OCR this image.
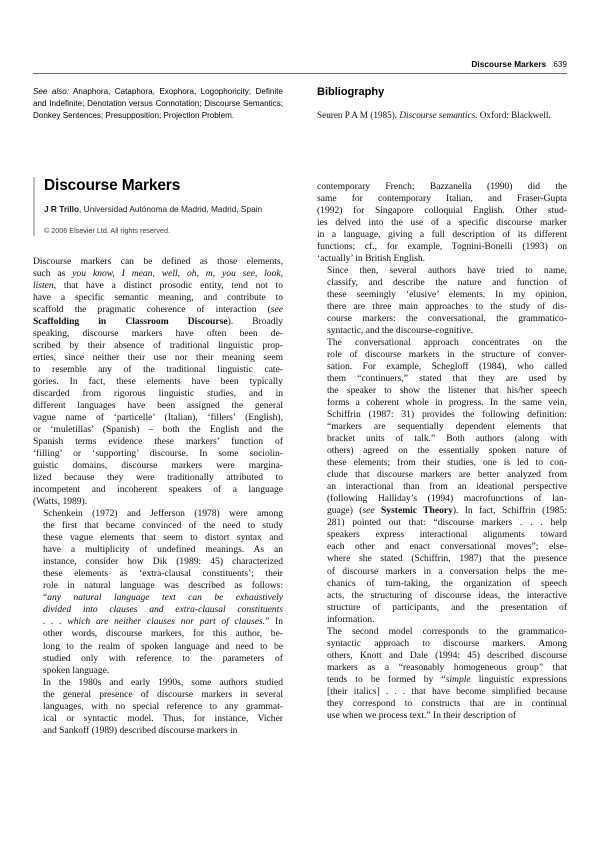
Discourse Markers 639

See also: Anaphora, Cataphora, Exophora, Logophoricity; Definite and Indefinite; Denotation versus Connotation; Discourse Semantics; Donkey Sentences; Presupposition; Projection Problem.

Bibliography

Seuren P A M (1985). Discourse semantics. Oxford: Blackwell.

Discourse Markers

J R Trillo, Universidad Autónoma de Madrid, Madrid, Spain

© 2006 Elsevier Ltd. All rights reserved.

Discourse markers can be defined as those elements,
such as you know, I mean, well, oh, m, you see, look,
listen, that have a distinct prosodic entity, tend not to
have a specific semantic meaning, and contribute to
scaffold the pragmatic coherence of interaction (see
Scaffolding in Classroom Discourse). Broadly
speaking, discourse markers have often been de-
scribed by their absence of traditional linguistic prop-
erties, since neither their use nor their meaning seem
to resemble any of the traditional linguistic cate-
gories. In fact, these elements have been typically
discarded from rigorous linguistic studies, and in
different languages have been assigned the general
vague name of ‘particelle’ (Italian), ‘fillers’ (English),
or ‘muletillas’ (Spanish) – both the English and the
Spanish terms evidence these markers’ function of
‘filling’ or ‘supporting’ discourse. In some sociolin-
guistic domains, discourse markers were margina-
lized because they were traditionally attributed to
incompetent and incoherent speakers of a language
(Watts, 1989).

Schenkein (1972) and Jefferson (1978) were among
the first that became convinced of the need to study
these vague elements that seem to distort syntax and
have a multiplicity of undefined meanings. As an
instance, consider how Dik (1989: 45) characterized
these elements as ‘extra-clausal constituents’; their
role in natural language was described as follows:
“any natural language text can be exhaustively
divided into clauses and extra-clausal constituents
. . . which are neither clauses nor part of clauses.” In
other words, discourse markers, for this author, be-
long to the realm of spoken language and need to be
studied only with reference to the parameters of
spoken language.

In the 1980s and early 1990s, some authors studied
the general presence of discourse markers in several
languages, with no special reference to any grammat-
ical or syntactic model. Thus, for instance, Vicher
and Sankoff (1989) described discourse markers in

contemporary French; Bazzanella (1990) did the
same for contemporary Italian, and Fraser-Gupta
(1992) for Singapore colloquial English. Other stud-
ies delved into the use of a specific discourse marker
in a language, giving a full description of its different
functions; cf., for example, Tognini-Bonelli (1993) on
‘actually’ in British English.

Since then, several authors have tried to name,
classify, and describe the nature and function of
these seemingly ‘elusive’ elements. In my opinion,
there are three main approaches to the study of dis-
course markers: the conversational, the grammatico-
syntactic, and the discourse-cognitive.

The conversational approach concentrates on the
role of discourse markers in the structure of conver-
sation. For example, Schegloff (1984), who called
them “continuers,” stated that they are used by
the speaker to show the listener that his/her speech
forms a coherent whole in progress. In the same vein,
Schiffrin (1987: 31) provides the following definition:
“markers are sequentially dependent elements that
bracket units of talk.” Both authors (along with
others) agreed on the essentially spoken nature of
these elements; from their studies, one is led to con-
clude that discourse markers are better analyzed from
an interactional than from an ideational perspective
(following Halliday’s (1994) macrofunctions of lan-
guage) (see Systemic Theory). In fact, Schiffrin (1985:
281) pointed out that: “discourse markers . . . help
speakers express interactional alignments toward
each other and enact conversational moves”; else-
where she stated (Schiffrin, 1987) that the presence
of discourse markers in a conversation helps the me-
chanics of turn-taking, the organization of speech
acts, the structuring of discourse ideas, the interactive
structure of participants, and the presentation of
information.

The second model corresponds to the grammatico-
syntactic approach to discourse markers. Among
others, Knott and Dale (1994: 45) described discourse
markers as a “reasonably homogeneous group” that
tends to be formed by “simple linguistic expressions
[their italics] . . . that have become simplified because
they correspond to constructs that are in continual
use when we process text.” In their description of
